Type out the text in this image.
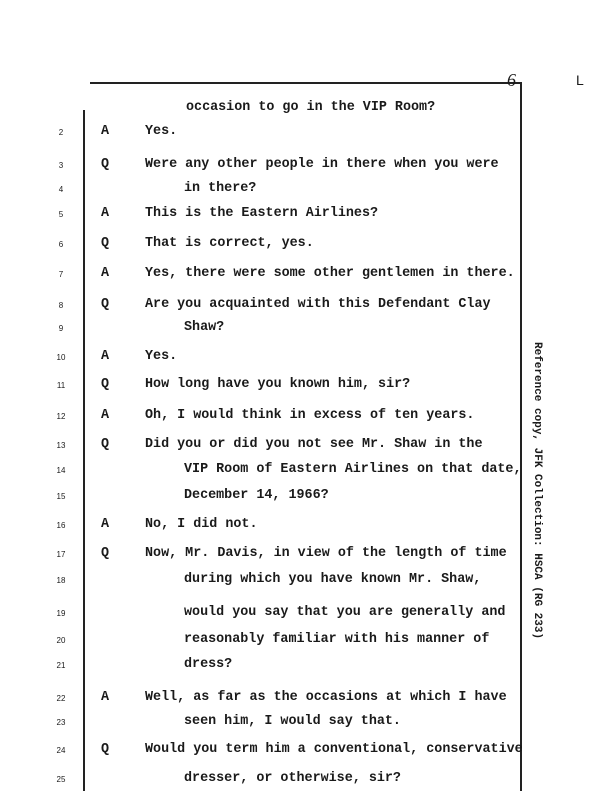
6	L
Reference copy, JFK Collection: HSCA (RG 233)
occasion to go in the VIP Room?
2	A	Yes.
3	Q	Were any other people in there when you were
4	in there?
5	A	This is the Eastern Airlines?
6	Q	That is correct, yes.
7	A	Yes, there were some other gentlemen in there.
8	Q	Are you acquainted with this Defendant Clay
9	Shaw?
10	A	Yes.
11	Q	How long have you known him, sir?
12	A	Oh, I would think in excess of ten years.
13	Q	Did you or did you not see Mr. Shaw in the
14	VIP Room of Eastern Airlines on that date,
15	December 14, 1966?
16	A	No, I did not.
17	Q	Now, Mr. Davis, in view of the length of time
18	during which you have known Mr. Shaw,
19	would you say that you are generally and
20	reasonably familiar with his manner of
21	dress?
22	A	Well, as far as the occasions at which I have
23	seen him, I would say that.
24	Q	Would you term him a conventional, conservative
25	dresser, or otherwise, sir?
